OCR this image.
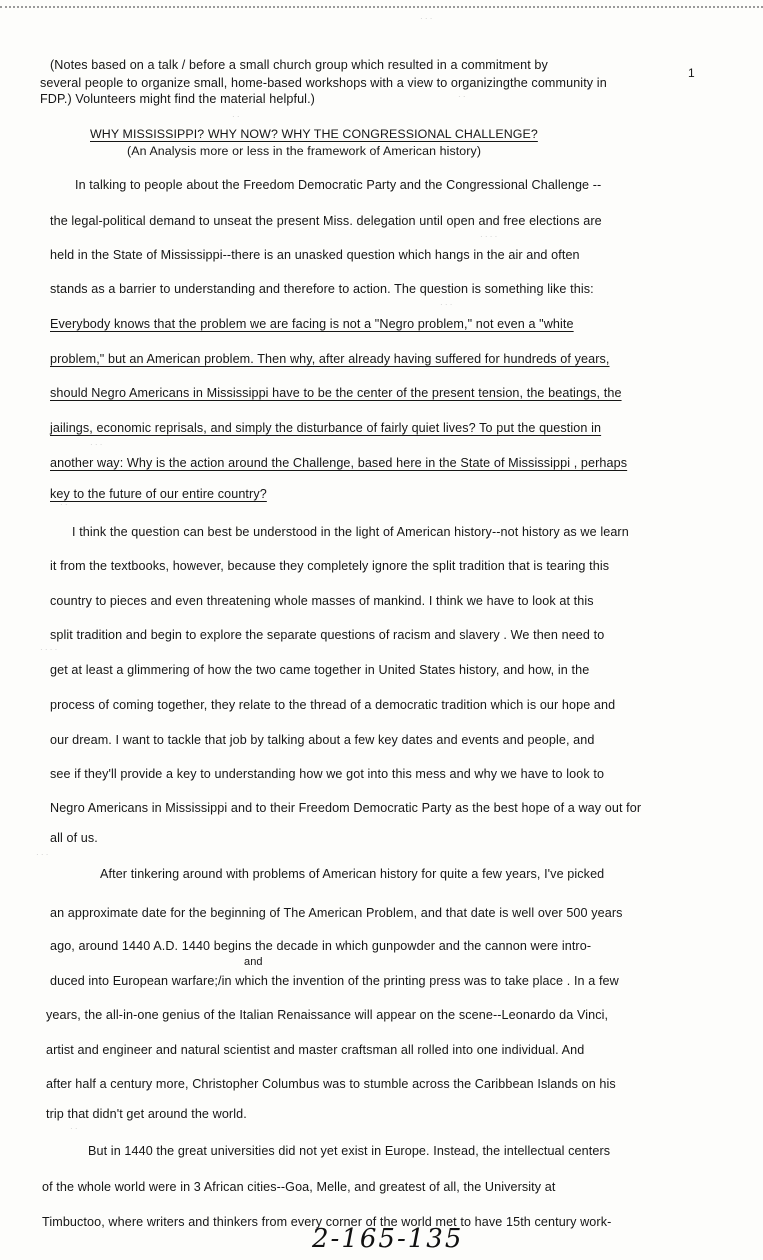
(Notes based on a talk / before a small church group which resulted in a commitment by
several people to organize small, home-based workshops with a view to organizingthe community in
1
FDP.) Volunteers might find the material helpful.)
WHY MISSISSIPPI? WHY NOW? WHY THE CONGRESSIONAL CHALLENGE?
(An Analysis more or less in the framework of American history)
In talking to people about the Freedom Democratic Party and the Congressional Challenge --
the legal-political demand to unseat the present Miss. delegation until open and free elections are
held in the State of Mississippi--there is an unasked question which hangs in the air and often
stands as a barrier to understanding and therefore to action. The question is something like this:
Everybody knows that the problem we are facing is not a "Negro problem," not even a "white
problem," but an American problem. Then why, after already having suffered for hundreds of years,
should Negro Americans in Mississippi have to be the center of the present tension, the beatings, the
jailings, economic reprisals, and simply the disturbance of fairly quiet lives? To put the question in
another way: Why is the action around the Challenge, based here in the State of Mississippi , perhaps
key to the future of our entire country?
I think the question can best be understood in the light of American history--not history as we learn
it from the textbooks, however, because they completely ignore the split tradition that is tearing this
country to pieces and even threatening whole masses of mankind. I think we have to look at this
split tradition and begin to explore the separate questions of racism and slavery . We then need to
get at least a glimmering of how the two came together in United States history, and how, in the
process of coming together, they relate to the thread of a democratic tradition which is our hope and
our dream. I want to tackle that job by talking about a few key dates and events and people, and
see if they'll provide a key to understanding how we got into this mess and why we have to look to
Negro Americans in Mississippi and to their Freedom Democratic Party as the best hope of a way out for
all of us.
After tinkering around with problems of American history for quite a few years, I've picked
an approximate date for the beginning of The American Problem, and that date is well over 500 years
ago, around 1440 A.D. 1440 begins the decade in which gunpowder and the cannon were intro-
and
duced into European warfare;/in which the invention of the printing press was to take place . In a few
years, the all-in-one genius of the Italian Renaissance will appear on the scene--Leonardo da Vinci,
artist and engineer and natural scientist and master craftsman all rolled into one individual. And
after half a century more, Christopher Columbus was to stumble across the Caribbean Islands on his
trip that didn't get around the world.
But in 1440 the great universities did not yet exist in Europe. Instead, the intellectual centers
of the whole world were in 3 African cities--Goa, Melle, and greatest of all, the University at
Timbuctoo, where writers and thinkers from every corner of the world met to have 15th century work-
2-165-135
· · ·
· ·
· ·
· · · ·
· · ·
· · ·
· ·
· · · ·
· · ·
· ·
